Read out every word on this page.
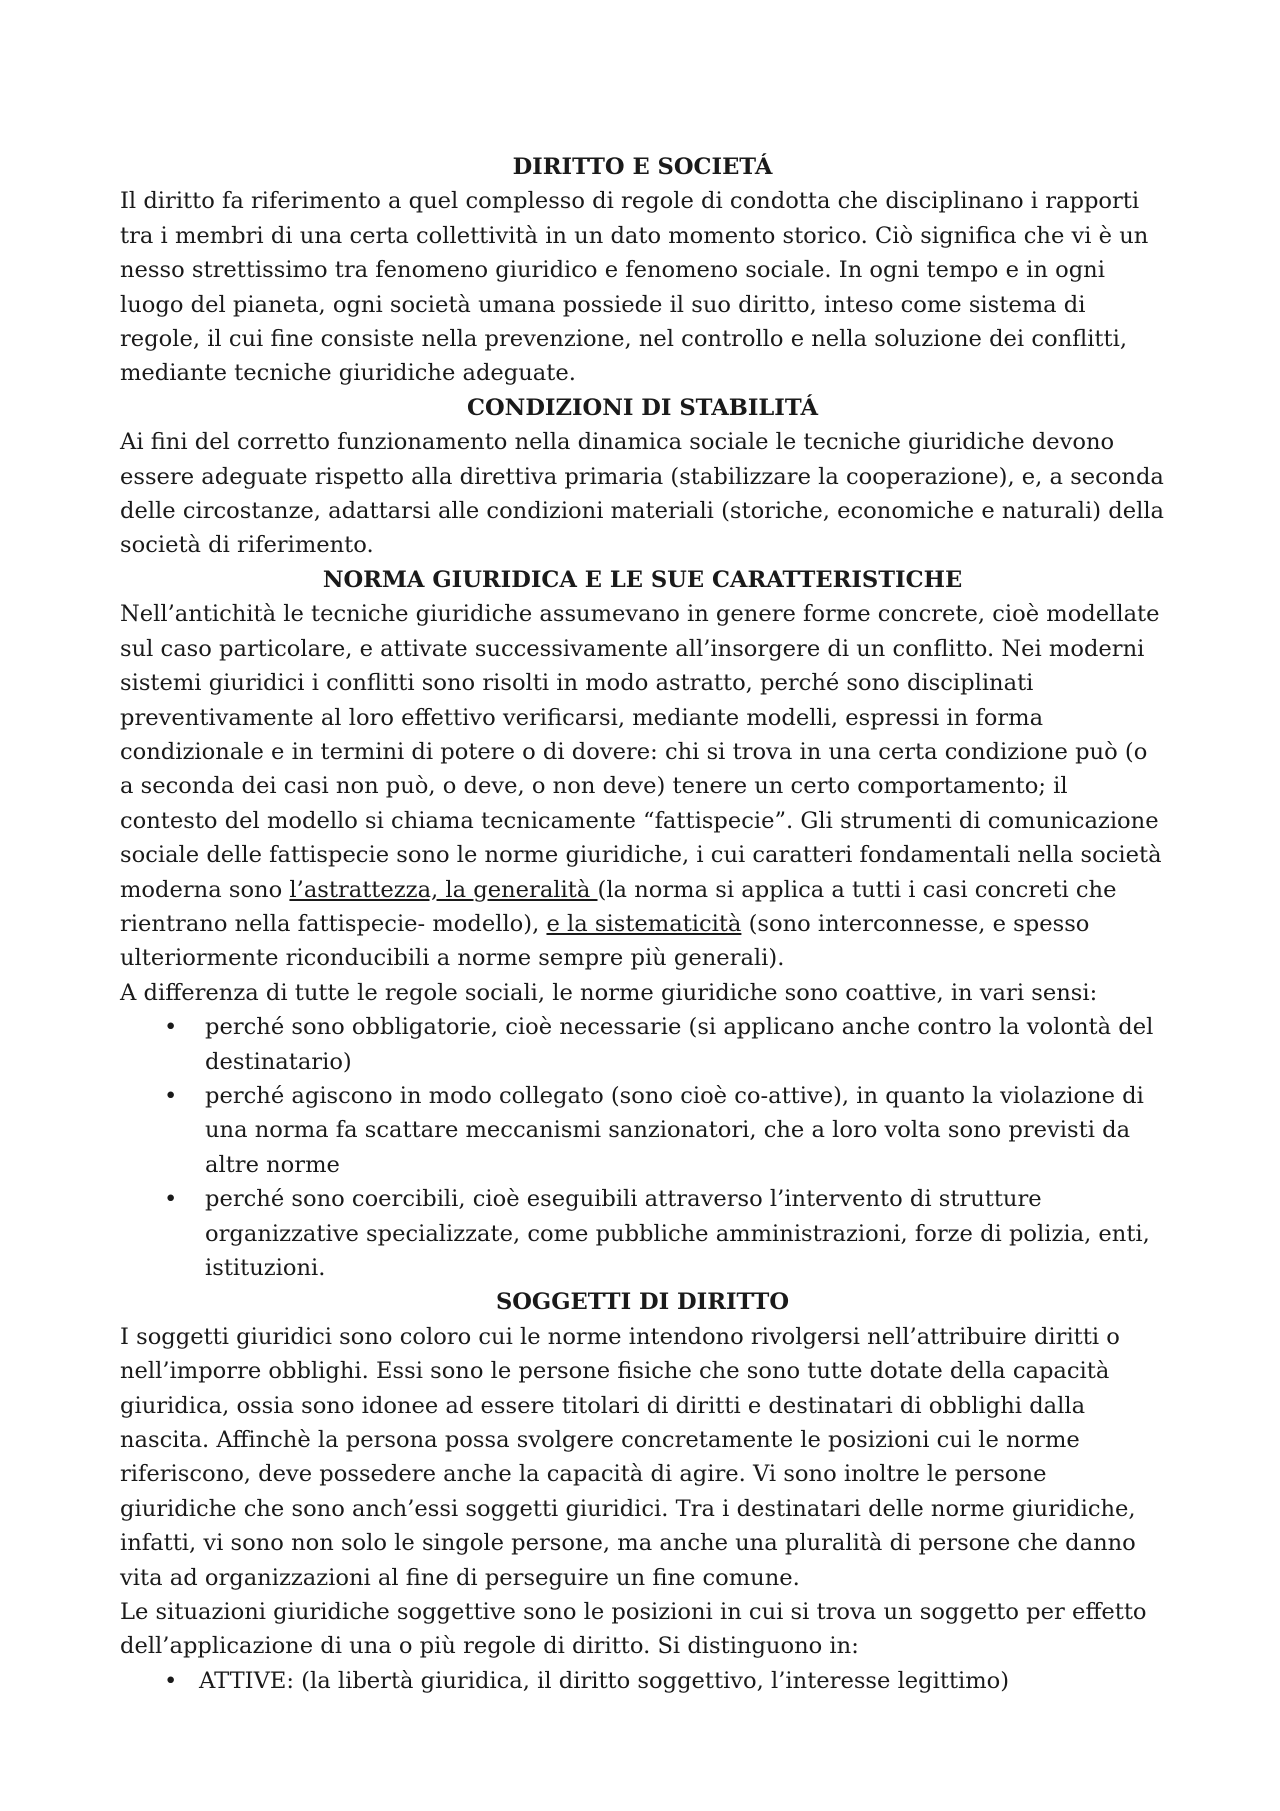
DIRITTO E SOCIETÁ

Il diritto fa riferimento a quel complesso di regole di condotta che disciplinano i rapporti tra i membri di una certa collettività in un dato momento storico. Ciò significa che vi è un nesso strettissimo tra fenomeno giuridico e fenomeno sociale. In ogni tempo e in ogni luogo del pianeta, ogni società umana possiede il suo diritto, inteso come sistema di regole, il cui fine consiste nella prevenzione, nel controllo e nella soluzione dei conflitti, mediante tecniche giuridiche adeguate.

CONDIZIONI DI STABILITÁ

Ai fini del corretto funzionamento nella dinamica sociale le tecniche giuridiche devono essere adeguate rispetto alla direttiva primaria (stabilizzare la cooperazione), e, a seconda delle circostanze, adattarsi alle condizioni materiali (storiche, economiche e naturali) della società di riferimento.

NORMA GIURIDICA E LE SUE CARATTERISTICHE

Nell’antichità le tecniche giuridiche assumevano in genere forme concrete, cioè modellate sul caso particolare, e attivate successivamente all’insorgere di un conflitto. Nei moderni sistemi giuridici i conflitti sono risolti in modo astratto, perché sono disciplinati preventivamente al loro effettivo verificarsi, mediante modelli, espressi in forma condizionale e in termini di potere o di dovere: chi si trova in una certa condizione può (o a seconda dei casi non può, o deve, o non deve) tenere un certo comportamento; il contesto del modello si chiama tecnicamente “fattispecie”. Gli strumenti di comunicazione sociale delle fattispecie sono le norme giuridiche, i cui caratteri fondamentali nella società moderna sono l’astrattezza, la generalità (la norma si applica a tutti i casi concreti che rientrano nella fattispecie- modello), e la sistematicità (sono interconnesse, e spesso ulteriormente riconducibili a norme sempre più generali).

A differenza di tutte le regole sociali, le norme giuridiche sono coattive, in vari sensi:

• perché sono obbligatorie, cioè necessarie (si applicano anche contro la volontà del destinatario)
• perché agiscono in modo collegato (sono cioè co-attive), in quanto la violazione di una norma fa scattare meccanismi sanzionatori, che a loro volta sono previsti da altre norme
• perché sono coercibili, cioè eseguibili attraverso l’intervento di strutture organizzative specializzate, come pubbliche amministrazioni, forze di polizia, enti, istituzioni.
SOGGETTI DI DIRITTO

I soggetti giuridici sono coloro cui le norme intendono rivolgersi nell’attribuire diritti o nell’imporre obblighi. Essi sono le persone fisiche che sono tutte dotate della capacità giuridica, ossia sono idonee ad essere titolari di diritti e destinatari di obblighi dalla nascita. Affinchè la persona possa svolgere concretamente le posizioni cui le norme riferiscono, deve possedere anche la capacità di agire. Vi sono inoltre le persone giuridiche che sono anch’essi soggetti giuridici. Tra i destinatari delle norme giuridiche, infatti, vi sono non solo le singole persone, ma anche una pluralità di persone che danno vita ad organizzazioni al fine di perseguire un fine comune.

Le situazioni giuridiche soggettive sono le posizioni in cui si trova un soggetto per effetto dell’applicazione di una o più regole di diritto. Si distinguono in:

• ATTIVE: (la libertà giuridica, il diritto soggettivo, l’interesse legittimo)
